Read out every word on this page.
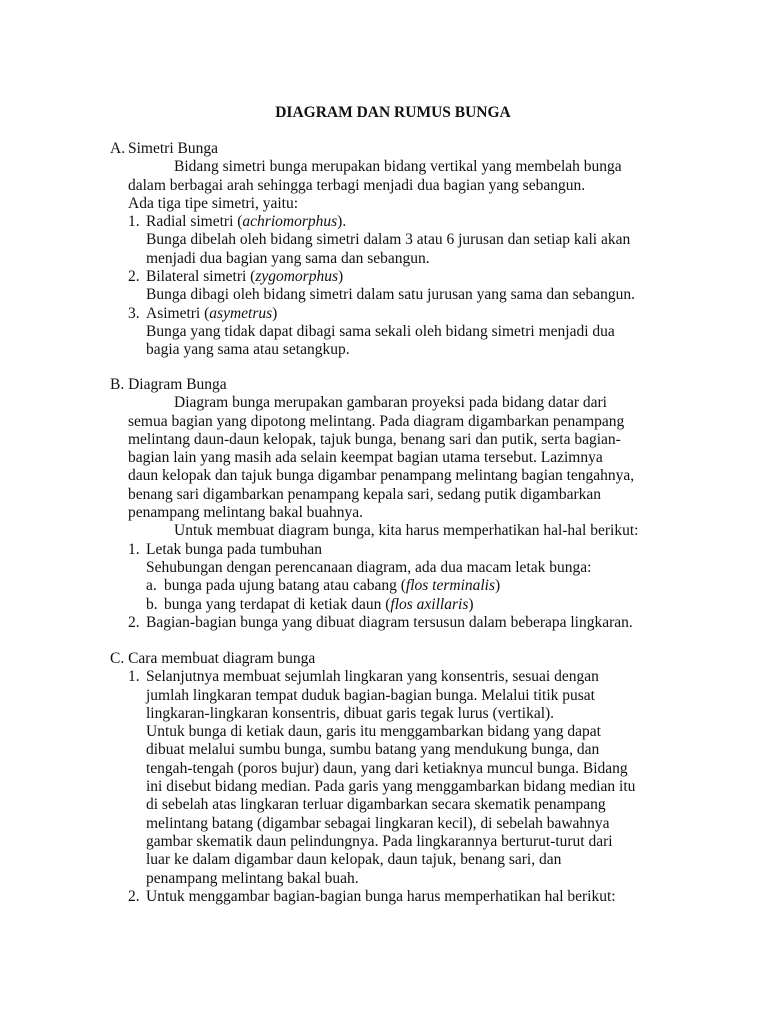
DIAGRAM DAN RUMUS BUNGA
A. Simetri Bunga
Bidang simetri bunga merupakan bidang vertikal yang membelah bunga
dalam berbagai arah sehingga terbagi menjadi dua bagian yang sebangun.
Ada tiga tipe simetri, yaitu:
1. Radial simetri (achriomorphus).
Bunga dibelah oleh bidang simetri dalam 3 atau 6 jurusan dan setiap kali akan
menjadi dua bagian yang sama dan sebangun.
2. Bilateral simetri (zygomorphus)
Bunga dibagi oleh bidang simetri dalam satu jurusan yang sama dan sebangun.
3. Asimetri (asymetrus)
Bunga yang tidak dapat dibagi sama sekali oleh bidang simetri menjadi dua
bagia yang sama atau setangkup.
B. Diagram Bunga
Diagram bunga merupakan gambaran proyeksi pada bidang datar dari
semua bagian yang dipotong melintang. Pada diagram digambarkan penampang
melintang daun-daun kelopak, tajuk bunga, benang sari dan putik, serta bagian-
bagian lain yang masih ada selain keempat bagian utama tersebut. Lazimnya
daun kelopak dan tajuk bunga digambar penampang melintang bagian tengahnya,
benang sari digambarkan penampang kepala sari, sedang putik digambarkan
penampang melintang bakal buahnya.
Untuk membuat diagram bunga, kita harus memperhatikan hal-hal berikut:
1. Letak bunga pada tumbuhan
Sehubungan dengan perencanaan diagram, ada dua macam letak bunga:
a. bunga pada ujung batang atau cabang (flos terminalis)
b. bunga yang terdapat di ketiak daun (flos axillaris)
2. Bagian-bagian bunga yang dibuat diagram tersusun dalam beberapa lingkaran.
C. Cara membuat diagram bunga
1. Selanjutnya membuat sejumlah lingkaran yang konsentris, sesuai dengan
jumlah lingkaran tempat duduk bagian-bagian bunga. Melalui titik pusat
lingkaran-lingkaran konsentris, dibuat garis tegak lurus (vertikal).
Untuk bunga di ketiak daun, garis itu menggambarkan bidang yang dapat
dibuat melalui sumbu bunga, sumbu batang yang mendukung bunga, dan
tengah-tengah (poros bujur) daun, yang dari ketiaknya muncul bunga. Bidang
ini disebut bidang median. Pada garis yang menggambarkan bidang median itu
di sebelah atas lingkaran terluar digambarkan secara skematik penampang
melintang batang (digambar sebagai lingkaran kecil), di sebelah bawahnya
gambar skematik daun pelindungnya. Pada lingkarannya berturut-turut dari
luar ke dalam digambar daun kelopak, daun tajuk, benang sari, dan
penampang melintang bakal buah.
2. Untuk menggambar bagian-bagian bunga harus memperhatikan hal berikut:
